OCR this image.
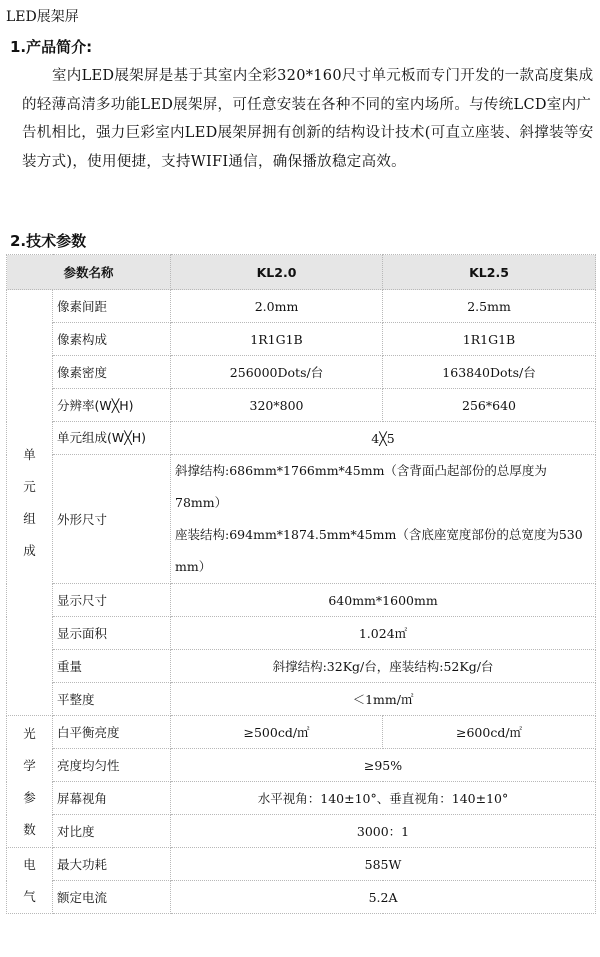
LED展架屏
1.产品简介:
室内LED展架屏是基于其室内全彩320*160尺寸单元板而专门开发的一款高度集成的轻薄高清多功能LED展架屏，可任意安装在各种不同的室内场所。与传统LCD室内广告机相比，强力巨彩室内LED展架屏拥有创新的结构设计技术(可直立座装、斜撑装等安装方式)，使用便捷，支持WIFI通信，确保播放稳定高效。
2.技术参数
参数名称		KL2.0	KL2.5

单
元
组
成	像素间距	2.0mm	2.5mm
	像素构成	1R1G1B	1R1G1B
	像素密度	256000Dots/台	163840Dots/台
	分辨率(W╳H)	320*800	256*640
	单元组成(W╳H)	4╳5	
	外形尺寸	斜撑结构:686mm*1766mm*45mm（含背面凸起部份的总厚度为78mm）
座装结构:694mm*1874.5mm*45mm（含底座宽度部份的总宽度为530 mm）	

	显示尺寸	640mm*1600mm	
	显示面积	1.024㎡	
	重量	斜撑结构:32Kg/台，座装结构:52Kg/台	
	平整度	＜1mm/㎡	

光
学
参
数	白平衡亮度	≥500cd/㎡	≥600cd/㎡
	亮度均匀性	≥95%	
	屏幕视角	水平视角：140±10°、垂直视角：140±10°	
	对比度	3000：1	

电
气	最大功耗	585W	
	额定电流	5.2A	
